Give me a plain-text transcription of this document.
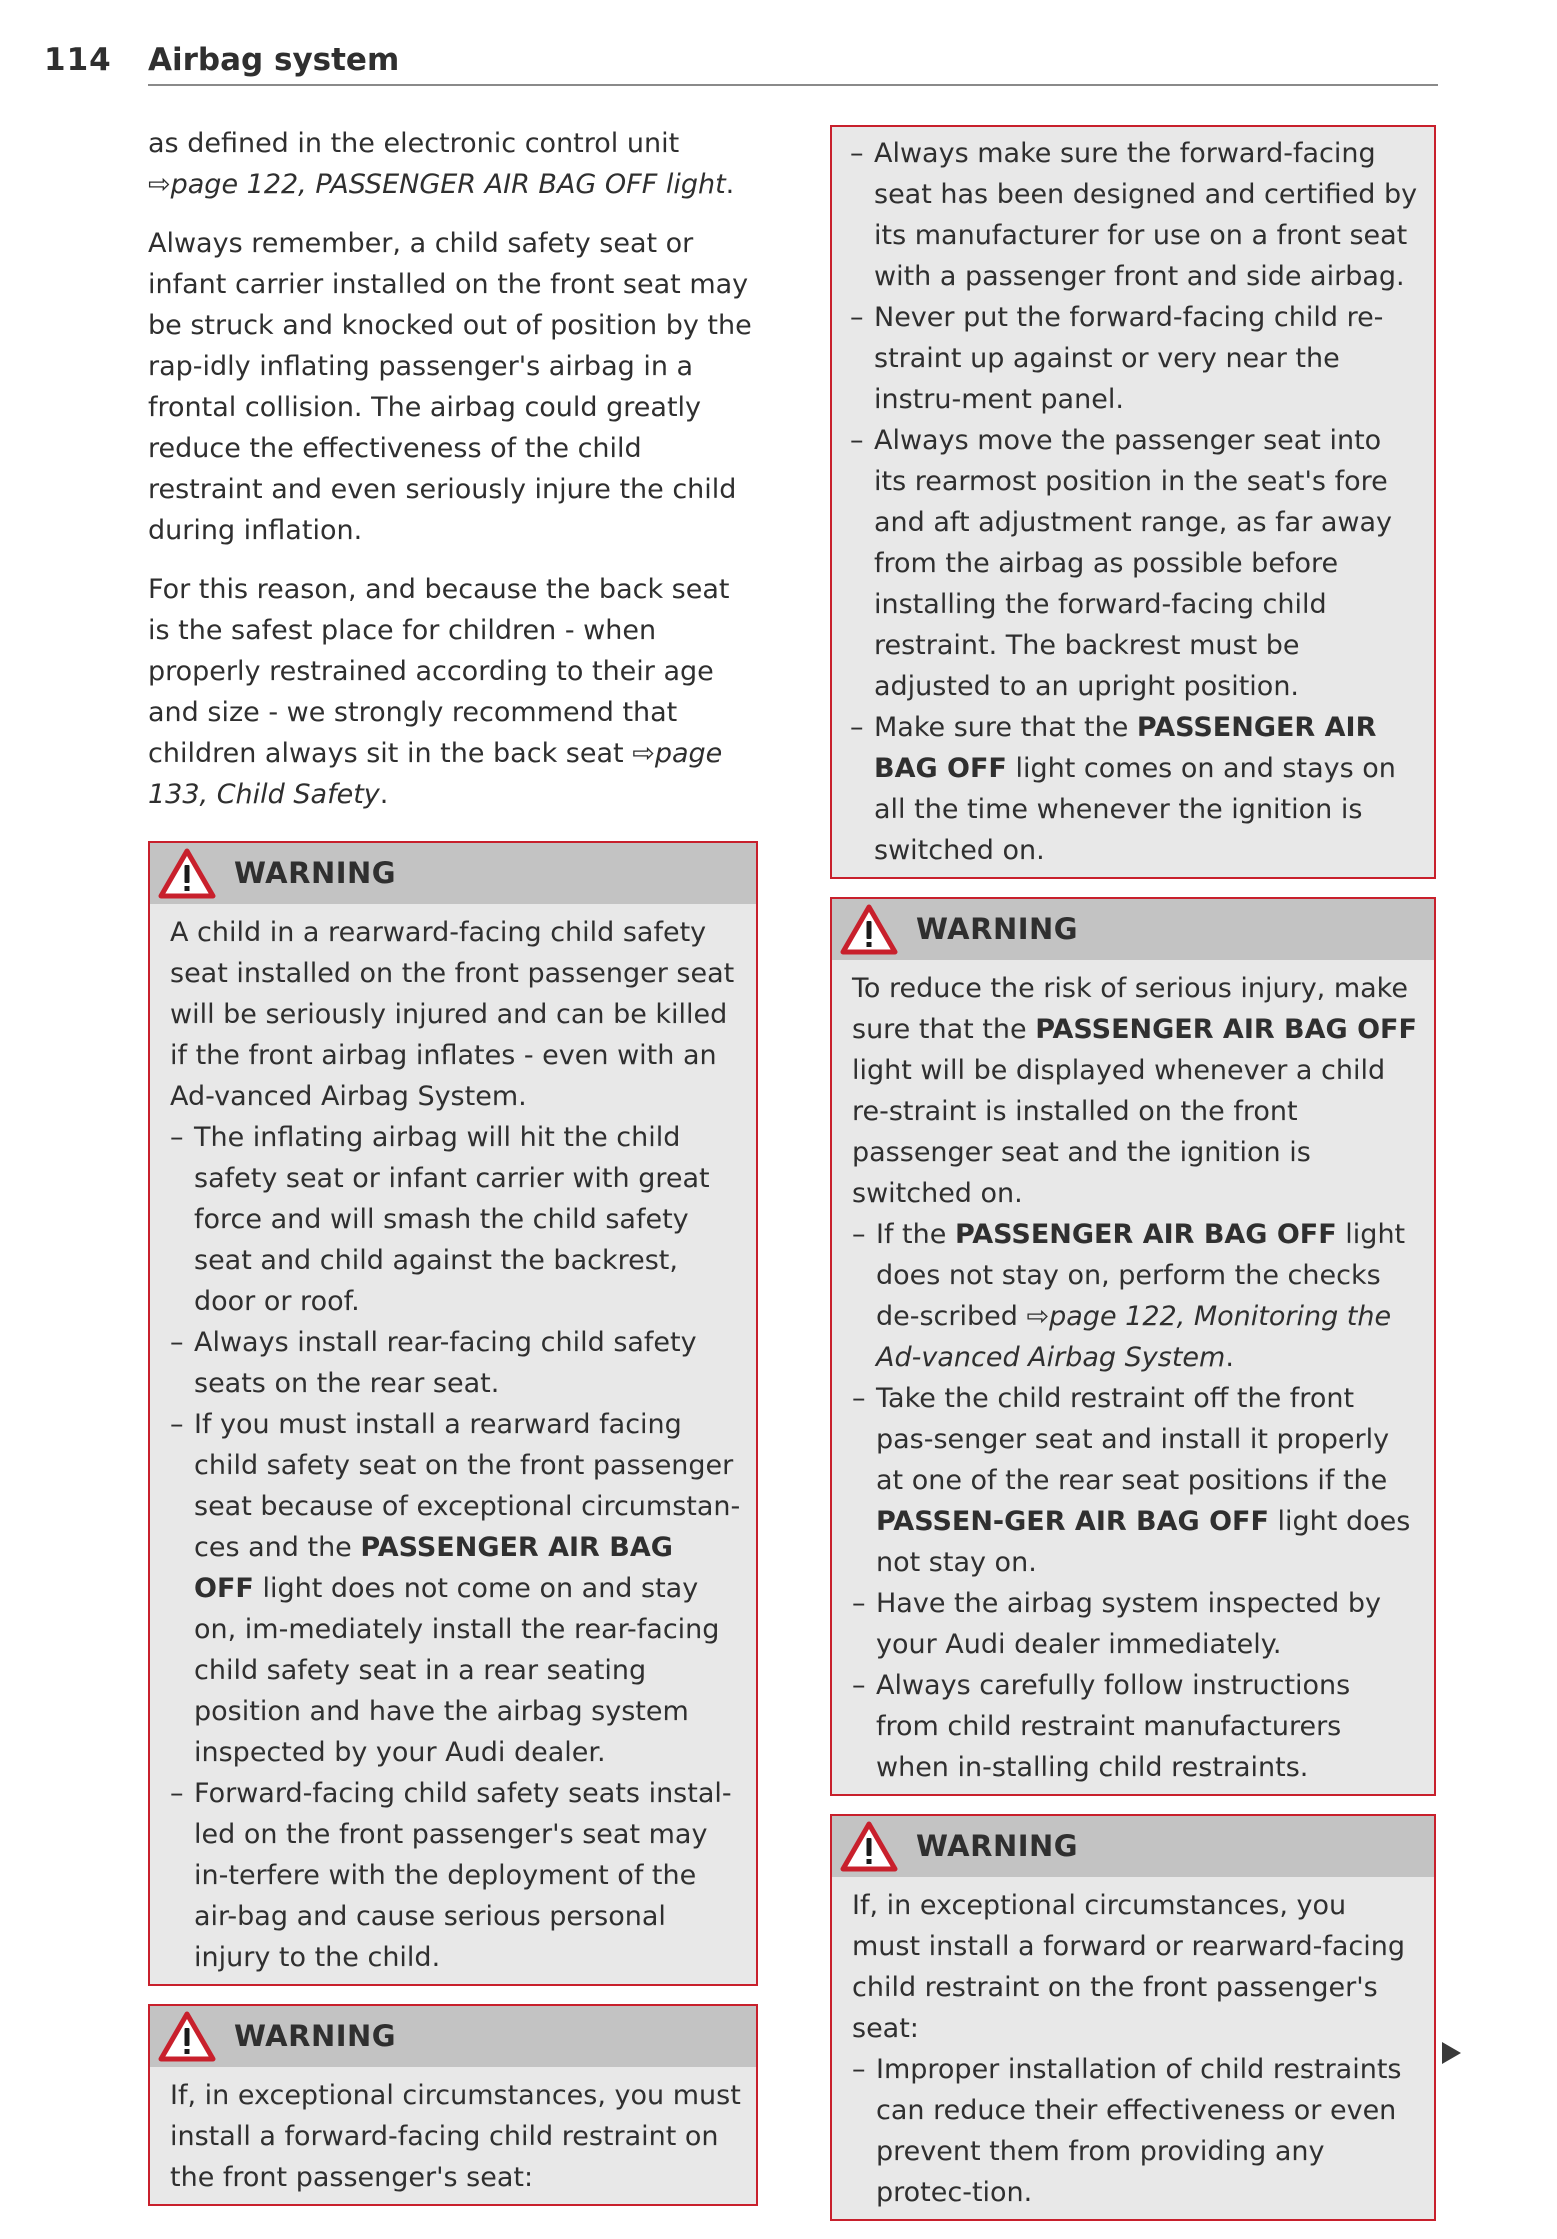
114 Airbag system

as defined in the electronic control unit
⇨page 122, PASSENGER AIR BAG OFF light.

Always remember, a child safety seat or infant carrier installed on the front seat may be struck and knocked out of position by the rap-idly inflating passenger's airbag in a frontal collision. The airbag could greatly reduce the effectiveness of the child restraint and even seriously injure the child during inflation.

For this reason, and because the back seat is the safest place for children - when properly restrained according to their age and size - we strongly recommend that children always sit in the back seat ⇨page 133, Child Safety.

WARNING

A child in a rearward-facing child safety seat installed on the front passenger seat will be seriously injured and can be killed if the front airbag inflates - even with an Ad-vanced Airbag System.

– The inflating airbag will hit the child safety seat or infant carrier with great force and will smash the child safety seat and child against the backrest, door or roof.
– Always install rear-facing child safety seats on the rear seat.
– If you must install a rearward facing child safety seat on the front passenger seat because of exceptional circumstan-ces and the PASSENGER AIR BAG OFF light does not come on and stay on, im-mediately install the rear-facing child safety seat in a rear seating position and have the airbag system inspected by your Audi dealer.
– Forward-facing child safety seats instal-led on the front passenger's seat may in-terfere with the deployment of the air-bag and cause serious personal injury to the child.
WARNING

If, in exceptional circumstances, you must install a forward-facing child restraint on the front passenger's seat:

– Always make sure the forward-facing seat has been designed and certified by its manufacturer for use on a front seat with a passenger front and side airbag.
– Never put the forward-facing child re-straint up against or very near the instru-ment panel.
– Always move the passenger seat into its rearmost position in the seat's fore and aft adjustment range, as far away from the airbag as possible before installing the forward-facing child restraint. The backrest must be adjusted to an upright position.
– Make sure that the PASSENGER AIR BAG OFF light comes on and stays on all the time whenever the ignition is switched on.
WARNING

To reduce the risk of serious injury, make sure that the PASSENGER AIR BAG OFF light will be displayed whenever a child re-straint is installed on the front passenger seat and the ignition is switched on.

– If the PASSENGER AIR BAG OFF light does not stay on, perform the checks de-scribed ⇨page 122, Monitoring the Ad-vanced Airbag System.
– Take the child restraint off the front pas-senger seat and install it properly at one of the rear seat positions if the PASSEN-GER AIR BAG OFF light does not stay on.
– Have the airbag system inspected by your Audi dealer immediately.
– Always carefully follow instructions from child restraint manufacturers when in-stalling child restraints.
WARNING

If, in exceptional circumstances, you must install a forward or rearward-facing child restraint on the front passenger's seat:

– Improper installation of child restraints can reduce their effectiveness or even prevent them from providing any protec-tion.
